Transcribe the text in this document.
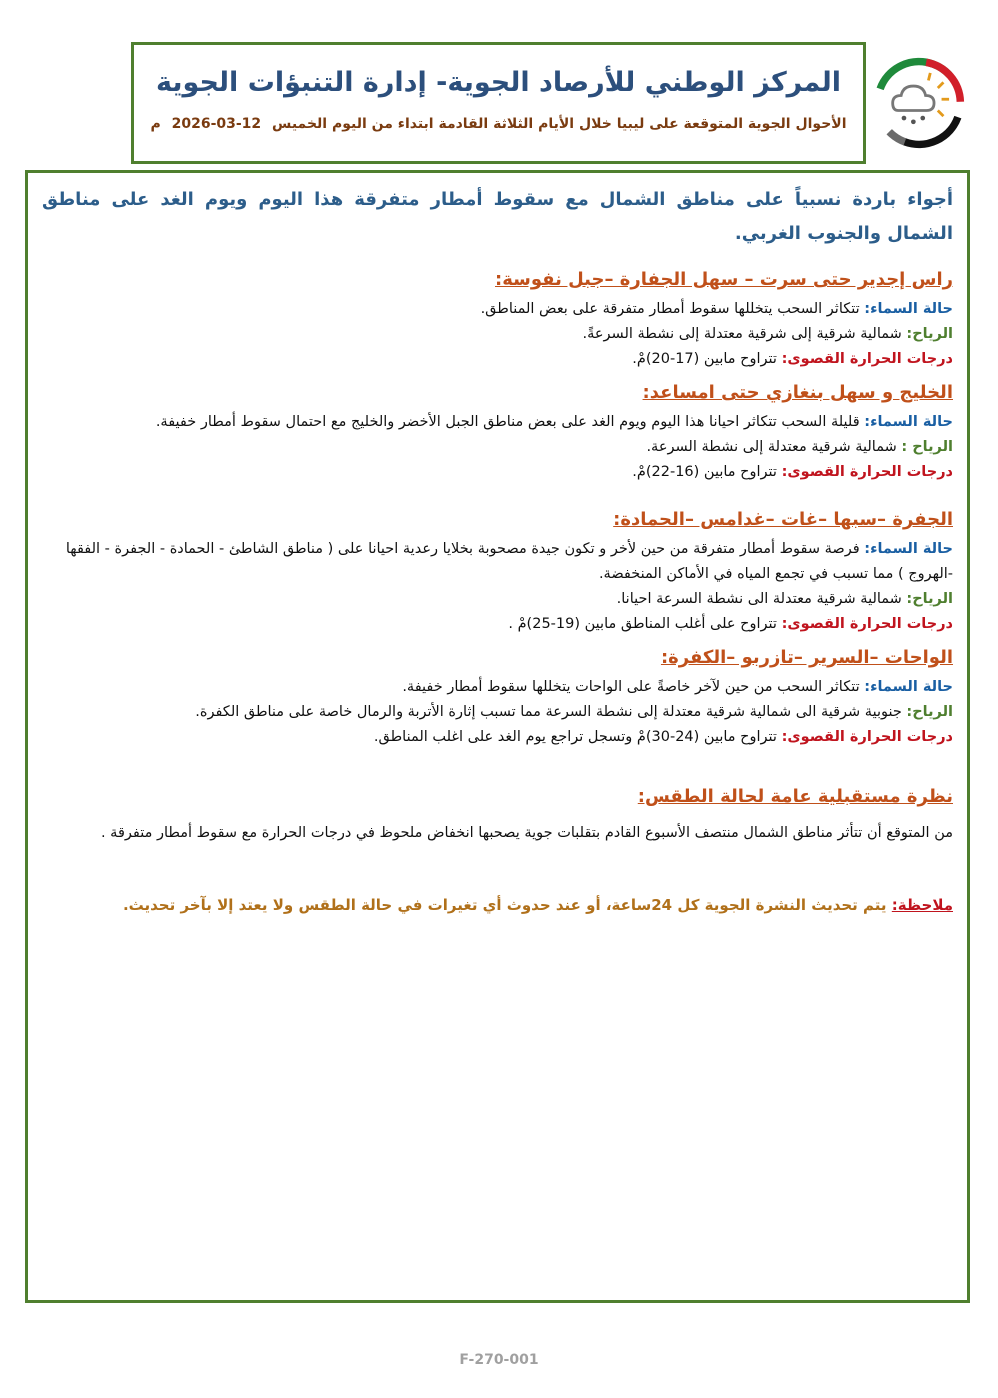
المركز الوطني للأرصاد الجوية- إدارة التنبؤات الجوية
الأحوال الجوية المتوقعة على ليبيا خلال الأيام الثلاثة القادمة ابتداء من اليوم الخميس 2026-03-12 م

أجواء باردة نسبياً على مناطق الشمال مع سقوط أمطار متفرقة هذا اليوم ويوم الغد على مناطق الشمال والجنوب الغربي.

راس إجدير حتى سرت – سهل الجفارة –جبل نفوسة:

حالة السماء: تتكاثر السحب يتخللها سقوط أمطار متفرقة على بعض المناطق.

الرياح: شمالية شرقية إلى شرقية معتدلة إلى نشطة السرعةً.

درجات الحرارة القصوى: تتراوح مابين (17-20)مْ.

الخليج و سهل بنغازي حتى امساعد:

حالة السماء: قليلة السحب تتكاثر احيانا هذا اليوم ويوم الغد على بعض مناطق الجبل الأخضر والخليج مع احتمال سقوط أمطار خفيفة.

الرياح : شمالية شرقية معتدلة إلى نشطة السرعة.

درجات الحرارة القصوى: تتراوح مابين (16-22)مْ.

الجفرة –سبها –غات –غدامس –الحمادة:

حالة السماء: فرصة سقوط أمطار متفرقة من حين لأخر و تكون جيدة مصحوبة بخلايا رعدية احيانا على ( مناطق الشاطئ - الحمادة - الجفرة - الفقها -الهروج ) مما تسبب في تجمع المياه في الأماكن المنخفضة.

الرياح: شمالية شرقية معتدلة الى نشطة السرعة احيانا.

درجات الحرارة القصوى: تتراوح على أغلب المناطق مابين (19-25)مْ .

الواحات –السرير –تازربو –الكفرة:

حالة السماء: تتكاثر السحب من حين لآخر خاصةً على الواحات يتخللها سقوط أمطار خفيفة.

الرياح: جنوبية شرقية الى شمالية شرقية معتدلة إلى نشطة السرعة مما تسبب إثارة الأتربة والرمال خاصة على مناطق الكفرة.

درجات الحرارة القصوى: تتراوح مابين (24-30)مْ وتسجل تراجع يوم الغد على اغلب المناطق.

نظرة مستقبلية عامة لحالة الطقس:

من المتوقع أن تتأثر مناطق الشمال منتصف الأسبوع القادم بتقلبات جوية يصحبها انخفاض ملحوظ في درجات الحرارة مع سقوط أمطار متفرقة .

ملاحظة: يتم تحديث النشرة الجوية كل 24ساعة، أو عند حدوث أي تغيرات في حالة الطقس ولا يعتد إلا بآخر تحديث.
F-270-001
